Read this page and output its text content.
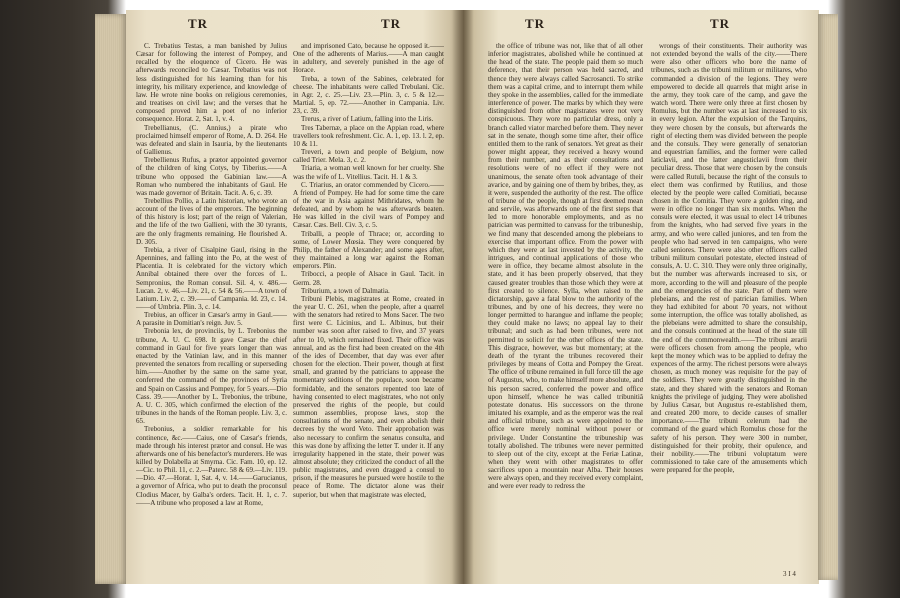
TR	TR

C. Trebatius Testas, a man banished by Julius Cæsar for following the interest of Pompey, and recalled by the eloquence of Cicero. He was afterwards reconciled to Cæsar. Trebatius was not less distinguished for his learning than for his integrity, his military experience, and knowledge of law. He wrote nine books on religious ceremonies, and treatises on civil law; and the verses that he composed proved him a poet of no inferior consequence. Horat. 2, Sat. 1, v. 4.

Trebellianus, (C. Annius,) a pirate who proclaimed himself emperor of Rome, A. D. 264. He was defeated and slain in Isauria, by the lieutenants of Gallienus.

Trebellienus Rufus, a prætor appointed governor of the children of king Cotys, by Tiberius.——A tribune who opposed the Gabinian law.——A Roman who numbered the inhabitants of Gaul. He was made governor of Britain. Tacit. A. 6, c. 39.

Trebellius Pollio, a Latin historian, who wrote an account of the lives of the emperors. The beginning of this history is lost; part of the reign of Valerian, and the life of the two Gallieni, with the 30 tyrants, are the only fragments remaining. He flourished A. D. 305.

Trebia, a river of Cisalpine Gaul, rising in the Apennines, and falling into the Po, at the west of Placentia. It is celebrated for the victory which Annibal obtained there over the forces of L. Sempronius, the Roman consul. Sil. 4, v. 486.—Lucan. 2, v. 46.—Liv. 21, c. 54 & 56.——A town of Latium. Liv. 2, c. 39.——of Campania. Id. 23, c. 14.——of Umbria. Plin. 3, c. 14.

Trebius, an officer in Cæsar's army in Gaul.——A parasite in Domitian's reign. Juv. 5.

Trebonia lex, de provinciis, by L. Trebonius the tribune, A. U. C. 698. It gave Cæsar the chief command in Gaul for five years longer than was enacted by the Vatinian law, and in this manner prevented the senators from recalling or superseding him.——Another by the same on the same year, conferred the command of the provinces of Syria and Spain on Cassius and Pompey, for 5 years.—Dio Cass. 39.——Another by L. Trebonius, the tribune, A. U. C. 305, which confirmed the election of the tribunes in the hands of the Roman people. Liv. 3, c. 65.

Trebonius, a soldier remarkable for his continence, &c.——Caius, one of Cæsar's friends, made through his interest prætor and consul. He was afterwards one of his benefactor's murderers. He was killed by Dolabella at Smyrna. Cic. Fam. 10, ep. 12.—Cic. to Phil. 11, c. 2.—Paterc. 58 & 69.—Liv. 119.—Dio. 47.—Horat. 1, Sat. 4, v. 14.——Garucianus, a governor of Africa, who put to death the proconsul Clodius Macer, by Galba's orders. Tacit. H. 1, c. 7.——A tribune who proposed a law at Rome,

and imprisoned Cato, because he opposed it.——One of the adherents of Marius.——A man caught in adultery, and severely punished in the age of Horace.

Treba, a town of the Sabines, celebrated for cheese. The inhabitants were called Trebulani. Cic. in Agr. 2, c. 25.—Liv. 23.—Plin. 3, c. 5 & 12.—Martial. 5, ep. 72.——Another in Campania. Liv. 23, c. 39.

Trerus, a river of Latium, falling into the Liris.

Tres Tabernæ, a place on the Appian road, where travellers took refreshment. Cic. A. 1, ep. 13. l. 2, ep. 10 & 11.

Treveri, a town and people of Belgium, now called Trier. Mela. 3, c. 2.

Triaria, a woman well known for her cruelty. She was the wife of L. Vitellius. Tacit. H. 1 & 3.

C. Triarius, an orator commended by Cicero.——A friend of Pompey. He had for some time the care of the war in Asia against Mithridates, whom he defeated, and by whom he was afterwards beaten. He was killed in the civil wars of Pompey and Cæsar. Cæs. Bell. Civ. 3, c. 5.

Triballi, a people of Thrace; or, according to some, of Lower Mœsia. They were conquered by Philip, the father of Alexander; and some ages after, they maintained a long war against the Roman emperors. Plin.

Tribocci, a people of Alsace in Gaul. Tacit. in Germ. 28.

Triburium, a town of Dalmatia.

Tribuni Plebis, magistrates at Rome, created in the year U. C. 261, when the people, after a quarrel with the senators had retired to Mons Sacer. The two first were C. Licinius, and L. Albinus, but their number was soon after raised to five, and 37 years after to 10, which remained fixed. Their office was annual, and as the first had been created on the 4th of the ides of December, that day was ever after chosen for the election. Their power, though at first small, and granted by the patricians to appease the momentary seditions of the populace, soon became formidable, and the senators repented too late of having consented to elect magistrates, who not only preserved the rights of the people, but could summon assemblies, propose laws, stop the consultations of the senate, and even abolish their decrees by the word Veto. Their approbation was also necessary to confirm the senatus consulta, and this was done by affixing the letter T. under it. If any irregularity happened in the state, their power was almost absolute; they criticized the conduct of all the public magistrates, and even dragged a consul to prison, if the measures he pursued were hostile to the peace of Rome. The dictator alone was their superior, but when that magistrate was elected,

TR	TR

the office of tribune was not, like that of all other inferior magistrates, abolished while he continued at the head of the state. The people paid them so much deference, that their person was held sacred, and thence they were always called Sacrosancti. To strike them was a capital crime, and to interrupt them while they spoke in the assemblies, called for the immediate interference of power. The marks by which they were distinguished from other magistrates were not very conspicuous. They wore no particular dress, only a branch called viator marched before them. They never sat in the senate, though some time after, their office entitled them to the rank of senators. Yet great as their power might appear, they received a heavy wound from their number, and as their consultations and resolutions were of no effect if they were not unanimous, the senate often took advantage of their avarice, and by gaining one of them by bribes, they, as it were, suspended the authority of the rest. The office of tribune of the people, though at first deemed mean and servile, was afterwards one of the first steps that led to more honorable employments, and as no patrician was permitted to canvass for the tribuneship, we find many that descended among the plebeians to exercise that important office. From the power with which they were at last invested by the activity, the intrigues, and continual applications of those who were in office, they became almost absolute in the state, and it has been properly observed, that they caused greater troubles than those which they were at first created to silence. Sylla, when raised to the dictatorship, gave a fatal blow to the authority of the tribunes, and by one of his decrees, they were no longer permitted to harangue and inflame the people; they could make no laws; no appeal lay to their tribunal; and such as had been tribunes, were not permitted to solicit for the other offices of the state. This disgrace, however, was but momentary; at the death of the tyrant the tribunes recovered their privileges by means of Cotta and Pompey the Great. The office of tribune remained in full force till the age of Augustus, who, to make himself more absolute, and his person sacred, conferred the power and office upon himself, whence he was called tribunitiâ potestate donatus. His successors on the throne imitated his example, and as the emperor was the real and official tribune, such as were appointed to the office were merely nominal without power or privilege. Under Constantine the tribuneship was totally abolished. The tribunes were never permitted to sleep out of the city, except at the Feriæ Latinæ, when they went with other magistrates to offer sacrifices upon a mountain near Alba. Their houses were always open, and they received every complaint, and were ever ready to redress the

wrongs of their constituents. Their authority was not extended beyond the walls of the city.——There were also other officers who bore the name of tribunes, such as the tribuni militum or militares, who commanded a division of the legions. They were empowered to decide all quarrels that might arise in the army, they took care of the camp, and gave the watch word. There were only three at first chosen by Romulus, but the number was at last increased to six in every legion. After the expulsion of the Tarquins, they were chosen by the consuls, but afterwards the right of electing them was divided between the people and the consuls. They were generally of senatorian and equestrian families, and the former were called laticlavii, and the latter angusticlavii from their peculiar dress. Those that were chosen by the consuls were called Rutuli, because the right of the consuls to elect them was confirmed by Rutilius, and those elected by the people were called Comitiati, because chosen in the Comitia. They wore a golden ring, and were in office no longer than six months. When the consuls were elected, it was usual to elect 14 tribunes from the knights, who had served five years in the army, and who were called juniores, and ten from the people who had served in ten campaigns, who were called seniores. There were also other officers called tribuni militum consulari potestate, elected instead of consuls, A. U. C. 310. They were only three originally, but the number was afterwards increased to six, or more, according to the will and pleasure of the people and the emergencies of the state. Part of them were plebeians, and the rest of patrician families. When they had exhibited for about 70 years, not without some interruption, the office was totally abolished, as the plebeians were admitted to share the consulship, and the consuls continued at the head of the state till the end of the commonwealth.——The tribuni ærarii were officers chosen from among the people, who kept the money which was to be applied to defray the expences of the army. The richest persons were always chosen, as much money was requisite for the pay of the soldiers. They were greatly distinguished in the state, and they shared with the senators and Roman knights the privilege of judging. They were abolished by Julius Cæsar, but Augustus re-established them, and created 200 more, to decide causes of smaller importance.——The tribuni celerum had the command of the guard which Romulus chose for the safety of his person. They were 300 in number, distinguished for their probity, their opulence, and their nobility.——The tribuni voluptatum were commissioned to take care of the amusements which were prepared for the people,

3 I 4
